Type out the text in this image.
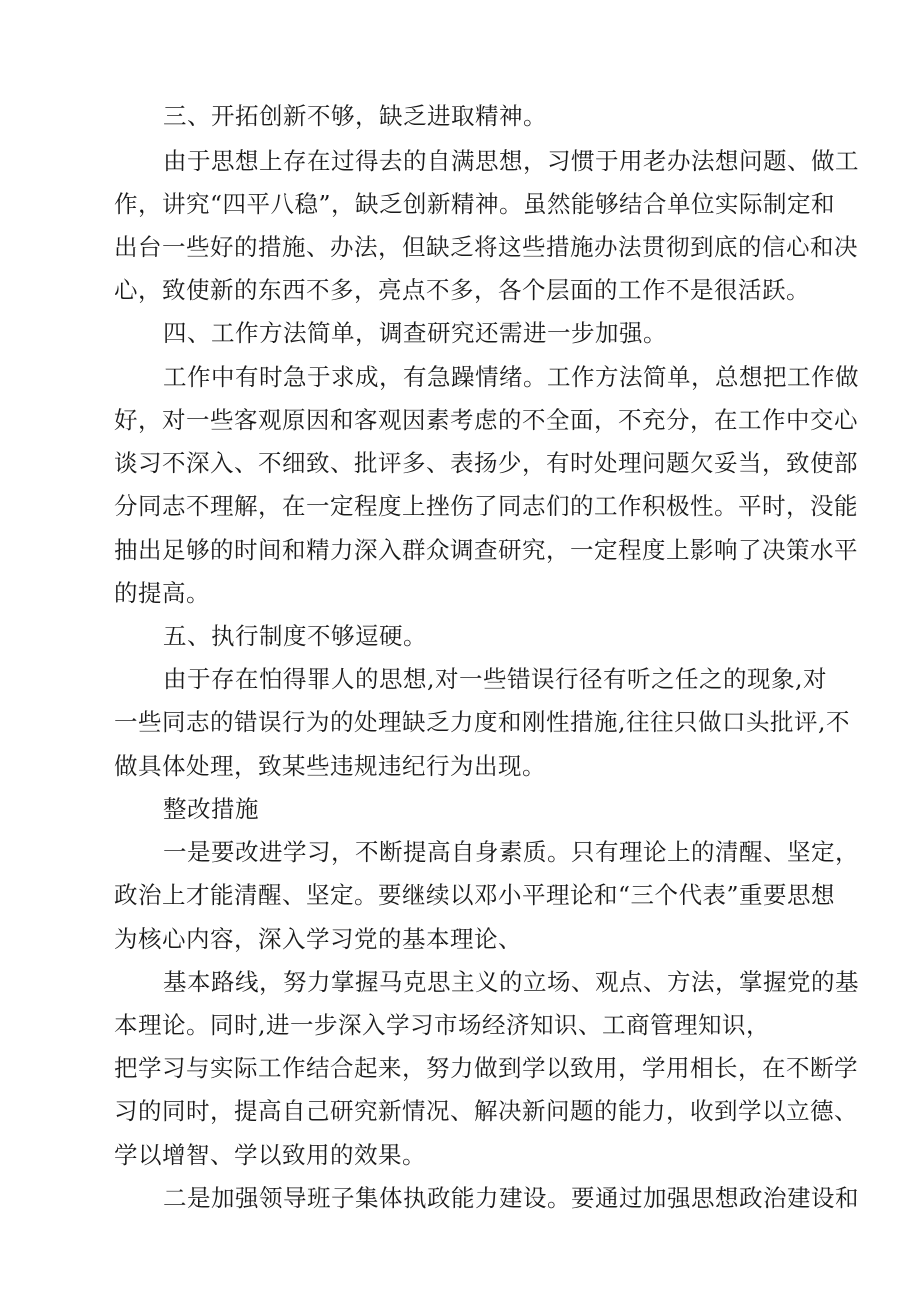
三、开拓创新不够，缺乏进取精神。
由于思想上存在过得去的自满思想，习惯于用老办法想问题、做工
作，讲究“四平八稳”，缺乏创新精神。虽然能够结合单位实际制定和
出台一些好的措施、办法，但缺乏将这些措施办法贯彻到底的信心和决
心，致使新的东西不多，亮点不多，各个层面的工作不是很活跃。
四、工作方法简单，调查研究还需进一步加强。
工作中有时急于求成，有急躁情绪。工作方法简单，总想把工作做
好，对一些客观原因和客观因素考虑的不全面，不充分，在工作中交心
谈习不深入、不细致、批评多、表扬少，有时处理问题欠妥当，致使部
分同志不理解，在一定程度上挫伤了同志们的工作积极性。平时，没能
抽出足够的时间和精力深入群众调查研究，一定程度上影响了决策水平
的提高。
五、执行制度不够逗硬。
由于存在怕得罪人的思想,对一些错误行径有听之任之的现象,对
一些同志的错误行为的处理缺乏力度和刚性措施,往往只做口头批评,不
做具体处理，致某些违规违纪行为出现。
整改措施
一是要改进学习，不断提高自身素质。只有理论上的清醒、坚定，
政治上才能清醒、坚定。要继续以邓小平理论和“三个代表”重要思想
为核心内容，深入学习党的基本理论、
基本路线，努力掌握马克思主义的立场、观点、方法，掌握党的基
本理论。同时,进一步深入学习市场经济知识、工商管理知识，
把学习与实际工作结合起来，努力做到学以致用，学用相长，在不断学
习的同时，提高自己研究新情况、解决新问题的能力，收到学以立德、
学以增智、学以致用的效果。
二是加强领导班子集体执政能力建设。要通过加强思想政治建设和
